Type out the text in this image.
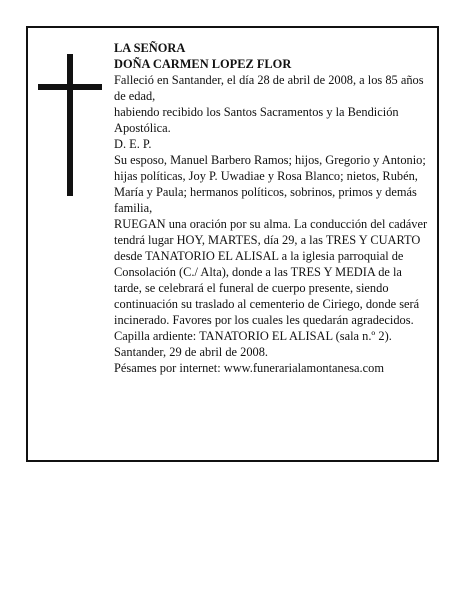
LA SEÑORA

DOÑA CARMEN LOPEZ FLOR

Falleció en Santander, el día 28 de abril de 2008, a los 85 años de edad,

habiendo recibido los Santos Sacramentos y la Bendición Apostólica.

D. E. P.

Su esposo, Manuel Barbero Ramos; hijos, Gregorio y Antonio; hijas políticas, Joy P. Uwadiae y Rosa Blanco; nietos, Rubén, María y Paula; hermanos políticos, sobrinos, primos y demás familia,

RUEGAN una oración por su alma. La conducción del cadáver tendrá lugar HOY, MARTES, día 29, a las TRES Y CUARTO desde TANATORIO EL ALISAL a la iglesia parroquial de Consolación (C./ Alta), donde a las TRES Y MEDIA de la tarde, se celebrará el funeral de cuerpo presente, siendo continuación su traslado al cementerio de Ciriego, donde será incinerado. Favores por los cuales les quedarán agradecidos. Capilla ardiente: TANATORIO EL ALISAL (sala n.º 2).

Santander, 29 de abril de 2008.

Pésames por internet: www.funerarialamontanesa.com
